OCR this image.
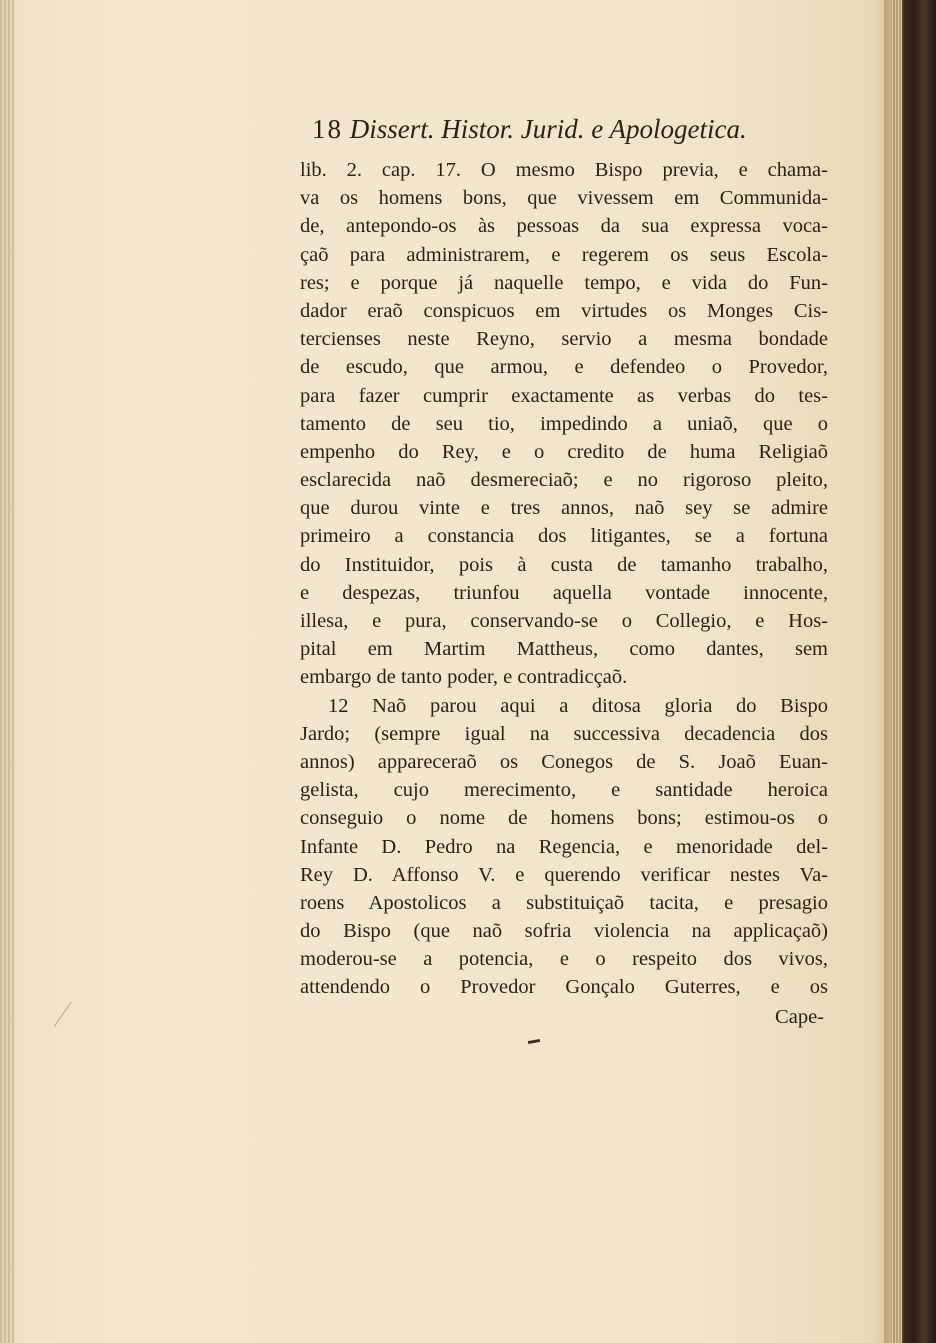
18 Dissert. Histor. Jurid. e Apologetica.
lib. 2. cap. 17. O mesmo Bispo previa, e chama-
va os homens bons, que vivessem em Communida-
de, antepondo-os às pessoas da sua expressa voca-
çaõ para administrarem, e regerem os seus Escola-
res; e porque já naquelle tempo, e vida do Fun-
dador eraõ conspicuos em virtudes os Monges Cis-
tercienses neste Reyno, servio a mesma bondade
de escudo, que armou, e defendeo o Provedor,
para fazer cumprir exactamente as verbas do tes-
tamento de seu tio, impedindo a uniaõ, que o
empenho do Rey, e o credito de huma Religiaõ
esclarecida naõ desmereciaõ; e no rigoroso pleito,
que durou vinte e tres annos, naõ sey se admire
primeiro a constancia dos litigantes, se a fortuna
do Instituidor, pois à custa de tamanho trabalho,
e despezas, triunfou aquella vontade innocente,
illesa, e pura, conservando-se o Collegio, e Hos-
pital em Martim Mattheus, como dantes, sem
embargo de tanto poder, e contradicçaõ.
12 Naõ parou aqui a ditosa gloria do Bispo
Jardo; (sempre igual na successiva decadencia dos
annos) appareceraõ os Conegos de S. Joaõ Euan-
gelista, cujo merecimento, e santidade heroica
conseguio o nome de homens bons; estimou-os o
Infante D. Pedro na Regencia, e menoridade del-
Rey D. Affonso V. e querendo verificar nestes Va-
roens Apostolicos a substituiçaõ tacita, e presagio
do Bispo (que naõ sofria violencia na applicaçaõ)
moderou-se a potencia, e o respeito dos vivos,
attendendo o Provedor Gonçalo Guterres, e os
Cape-
